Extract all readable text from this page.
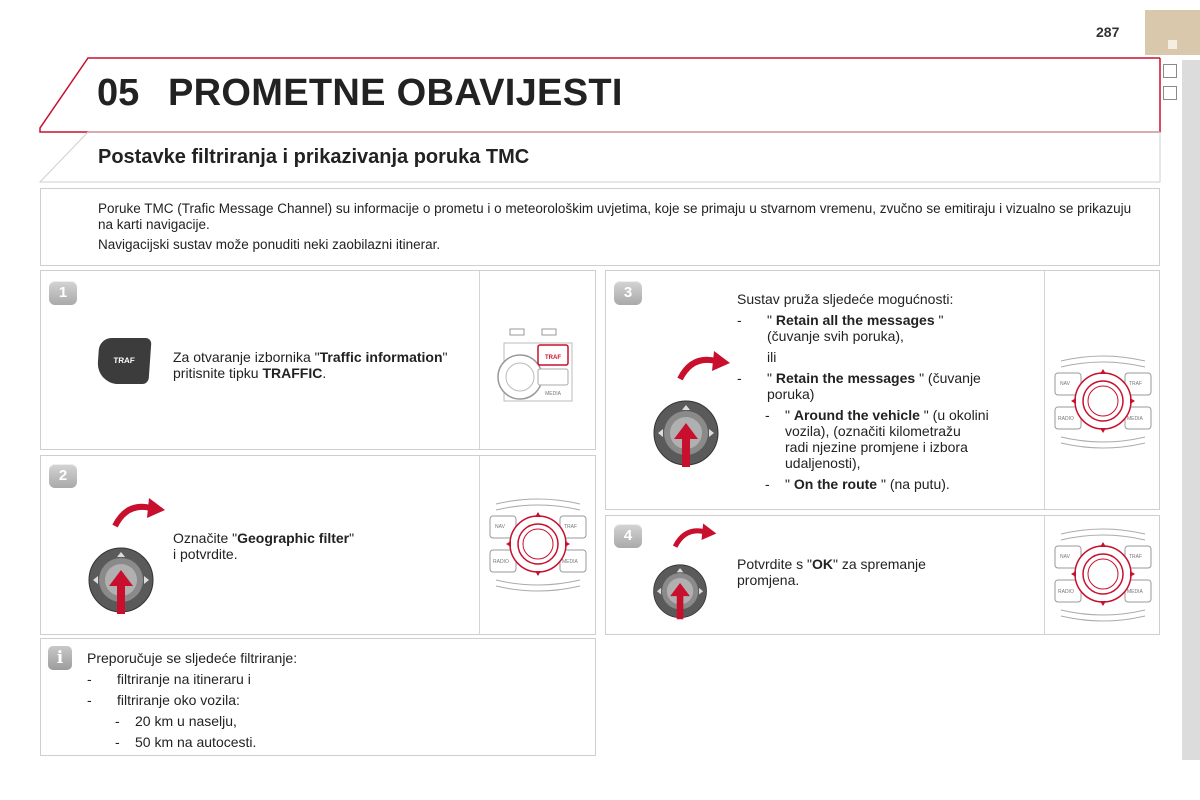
287
05 PROMETNE OBAVIJESTI
Postavke filtriranja i prikazivanja poruka TMC

Poruke TMC (Trafic Message Channel) su informacije o prometu i o meteorološkim uvjetima, koje se primaju u stvarnom vremenu, zvučno se emitiraju i vizualno se prikazuju na karti navigacije.

Navigacijski sustav može ponuditi neki zaobilazni itinerar.

1
TRAF	Za otvaranje izbornika "Traffic information" pritisnite tipku TRAFFIC.
TRAF
MEDIA
2
Označite "Geographic filter"
i potvrdite.
NAV	TRAF
RADIO	MEDIA
3	Sustav pruža sljedeće mogućnosti:
-	" Retain all the messages "
(čuvanje svih poruka),
ili
-	" Retain the messages " (čuvanje
poruka)
-	" Around the vehicle " (u okolini
vozila), (označiti kilometražu
radi njezine promjene i izbora
udaljenosti),
-	" On the route " (na putu).
NAV	TRAF
RADIO	MEDIA
4
Potvrdite s "OK" za spremanje
promjena.
NAV	TRAF
RADIO	MEDIA
i	Preporučuje se sljedeće filtriranje:
-	filtriranje na itineraru i
-	filtriranje oko vozila:
-	20 km u naselju,
-	50 km na autocesti.
